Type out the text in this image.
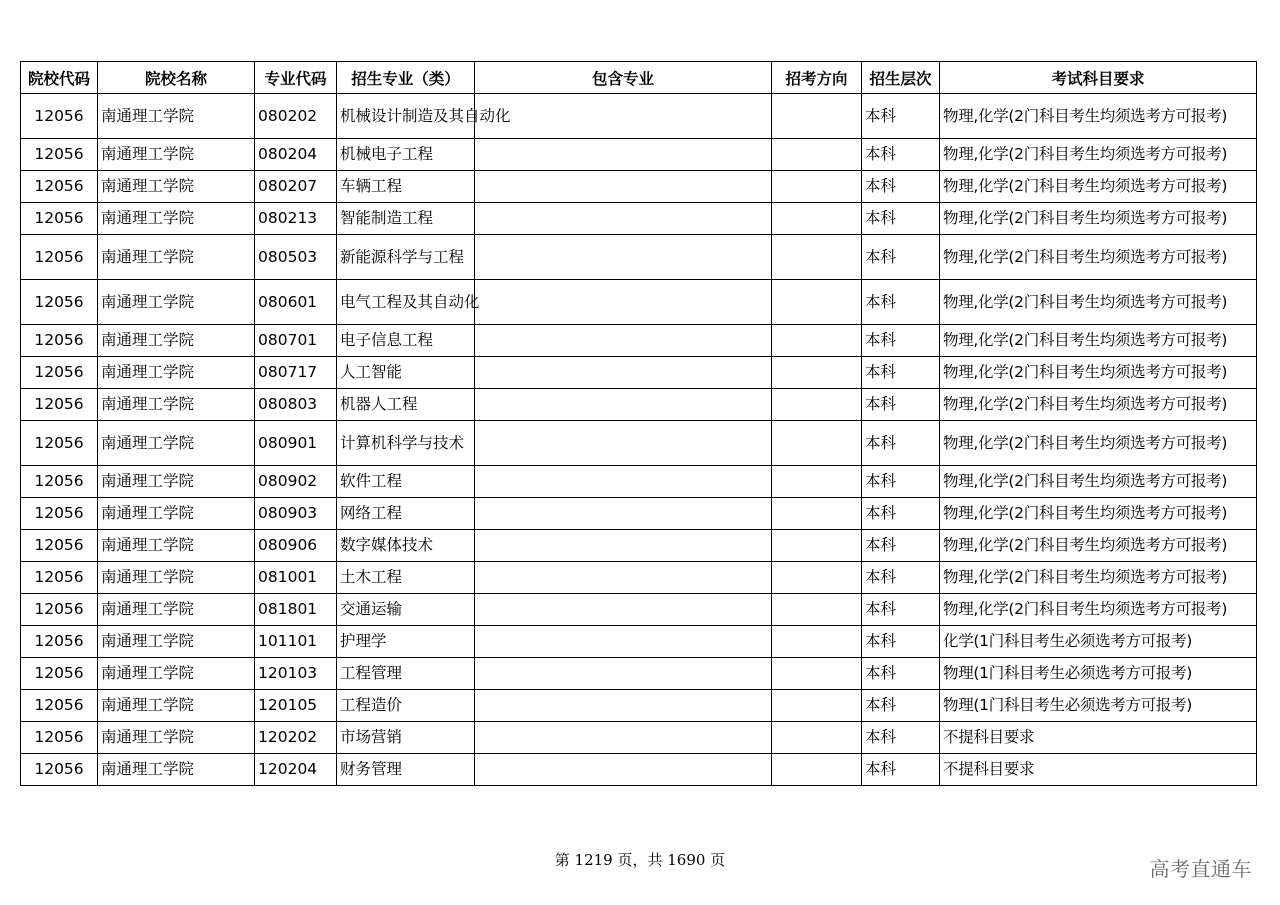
院校代码	院校名称	专业代码	招生专业（类）	包含专业	招考方向	招生层次	考试科目要求
12056	南通理工学院	080202	机械设计制造及其自动化			本科	物理,化学(2门科目考生均须选考方可报考)
12056	南通理工学院	080204	机械电子工程			本科	物理,化学(2门科目考生均须选考方可报考)
12056	南通理工学院	080207	车辆工程			本科	物理,化学(2门科目考生均须选考方可报考)
12056	南通理工学院	080213	智能制造工程			本科	物理,化学(2门科目考生均须选考方可报考)
12056	南通理工学院	080503	新能源科学与工程			本科	物理,化学(2门科目考生均须选考方可报考)
12056	南通理工学院	080601	电气工程及其自动化			本科	物理,化学(2门科目考生均须选考方可报考)
12056	南通理工学院	080701	电子信息工程			本科	物理,化学(2门科目考生均须选考方可报考)
12056	南通理工学院	080717	人工智能			本科	物理,化学(2门科目考生均须选考方可报考)
12056	南通理工学院	080803	机器人工程			本科	物理,化学(2门科目考生均须选考方可报考)
12056	南通理工学院	080901	计算机科学与技术			本科	物理,化学(2门科目考生均须选考方可报考)
12056	南通理工学院	080902	软件工程			本科	物理,化学(2门科目考生均须选考方可报考)
12056	南通理工学院	080903	网络工程			本科	物理,化学(2门科目考生均须选考方可报考)
12056	南通理工学院	080906	数字媒体技术			本科	物理,化学(2门科目考生均须选考方可报考)
12056	南通理工学院	081001	土木工程			本科	物理,化学(2门科目考生均须选考方可报考)
12056	南通理工学院	081801	交通运输			本科	物理,化学(2门科目考生均须选考方可报考)
12056	南通理工学院	101101	护理学			本科	化学(1门科目考生必须选考方可报考)
12056	南通理工学院	120103	工程管理			本科	物理(1门科目考生必须选考方可报考)
12056	南通理工学院	120105	工程造价			本科	物理(1门科目考生必须选考方可报考)
12056	南通理工学院	120202	市场营销			本科	不提科目要求
12056	南通理工学院	120204	财务管理			本科	不提科目要求
第 1219 页，共 1690 页	高考直通车
